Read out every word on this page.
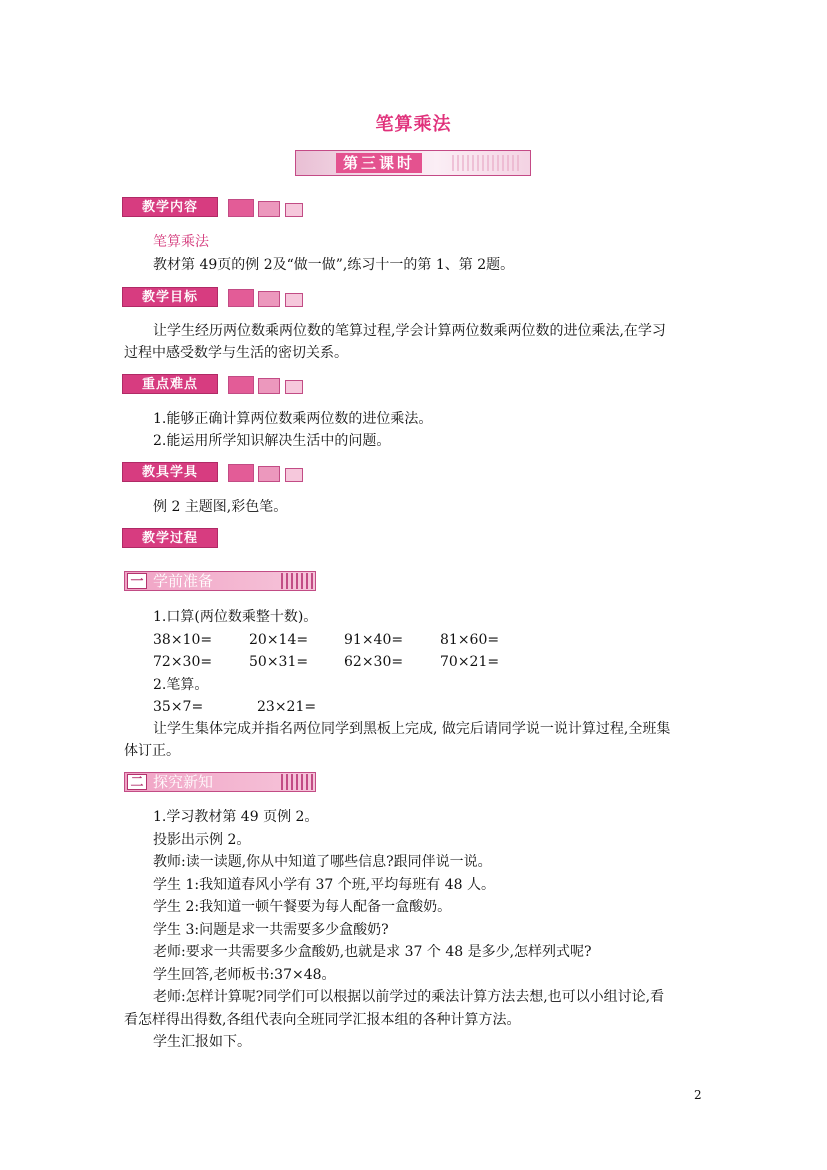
笔算乘法
第三课时
教学内容
笔算乘法
教材第 49页的例 2及“做一做”,练习十一的第 1、第 2题。
教学目标
让学生经历两位数乘两位数的笔算过程,学会计算两位数乘两位数的进位乘法,在学习
过程中感受数学与生活的密切关系。
重点难点
1.能够正确计算两位数乘两位数的进位乘法。
2.能运用所学知识解决生活中的问题。
教具学具
例 2 主题图,彩色笔。
教学过程
一 学前准备
1.口算(两位数乘整十数)。
38×10=	20×14=	91×40=	81×60=
72×30=	50×31=	62×30=	70×21=
2.笔算。
35×7=	23×21=
让学生集体完成并指名两位同学到黑板上完成, 做完后请同学说一说计算过程,全班集
体订正。
二 探究新知
1.学习教材第 49 页例 2。
投影出示例 2。
教师:读一读题,你从中知道了哪些信息?跟同伴说一说。
学生 1:我知道春风小学有 37 个班,平均每班有 48 人。
学生 2:我知道一顿午餐要为每人配备一盒酸奶。
学生 3:问题是求一共需要多少盒酸奶?
老师:要求一共需要多少盒酸奶,也就是求 37 个 48 是多少,怎样列式呢?
学生回答,老师板书:37×48。
老师:怎样计算呢?同学们可以根据以前学过的乘法计算方法去想,也可以小组讨论,看
看怎样得出得数,各组代表向全班同学汇报本组的各种计算方法。
学生汇报如下。
2
